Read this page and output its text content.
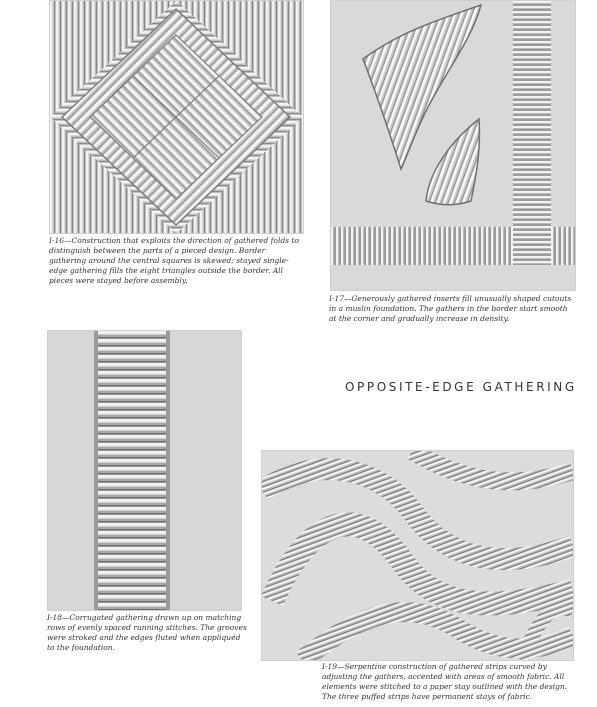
I-16—Construction that exploits the direction of gathered folds to distinguish between the parts of a pieced design. Border gathering around the central squares is skewed; stayed single-edge gathering fills the eight triangles outside the border. All pieces were stayed before assembly.
I-17—Generously gathered inserts fill unusually shaped cutouts in a muslin foundation. The gathers in the border start smooth at the corner and gradually increase in density.
OPPOSITE-EDGE GATHERING
I-18—Corrugated gathering drawn up on matching rows of evenly spaced running stitches. The grooves were stroked and the edges fluted when appliquéd to the foundation.
I-19—Serpentine construction of gathered strips curved by adjusting the gathers, accented with areas of smooth fabric. All elements were stitched to a paper stay outlined with the design. The three puffed strips have permanent stays of fabric.
